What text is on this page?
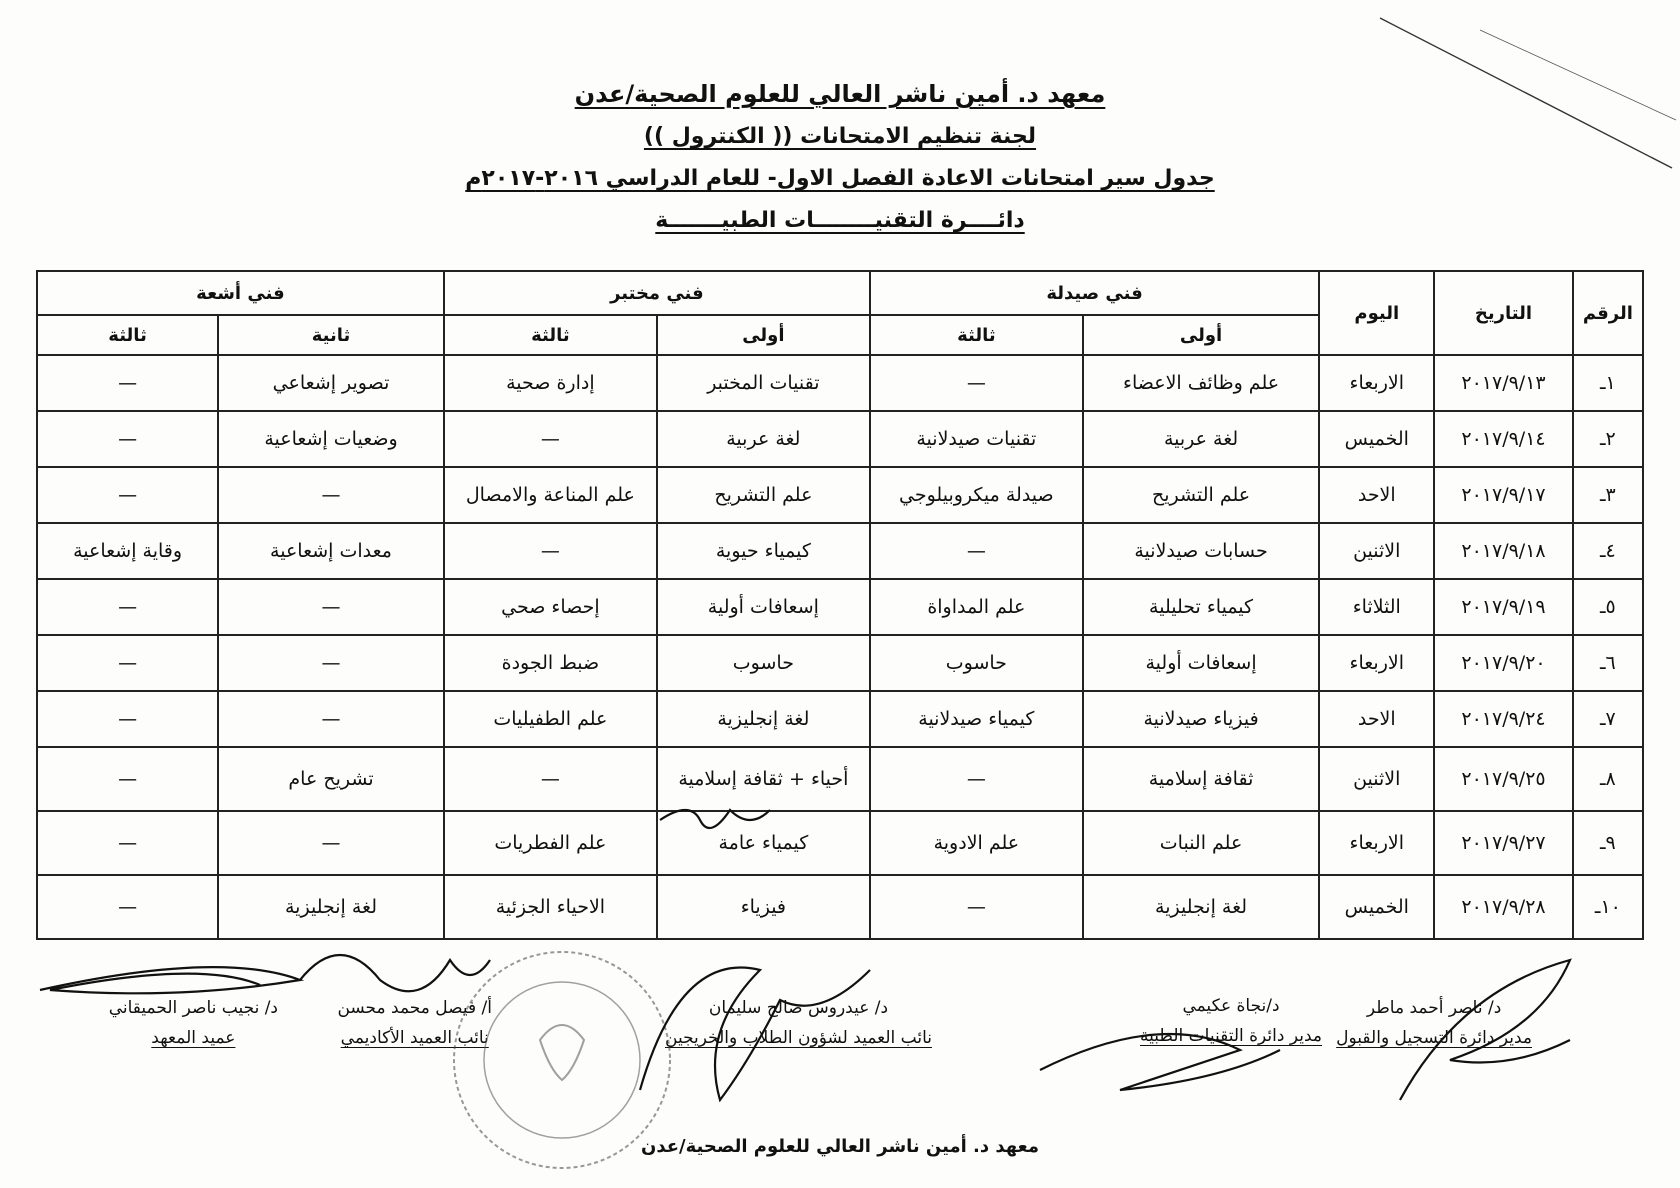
معهد د. أمين ناشر العالي للعلوم الصحية/عدن
لجنة تنظيم الامتحانات (( الكنترول ))
جدول سير امتحانات الاعادة الفصل الاول- للعام الدراسي ٢٠١٦-٢٠١٧م
دائــــرة التقنيــــــــات الطبيـــــــة
الرقم	التاريخ	اليوم	فني صيدلة		فني مختبر		فني أشعة	
			أولى	ثالثة	أولى	ثالثة	ثانية	ثالثة
١ـ	٢٠١٧/٩/١٣	الاربعاء	علم وظائف الاعضاء	—	تقنيات المختبر	إدارة صحية	تصوير إشعاعي	—
٢ـ	٢٠١٧/٩/١٤	الخميس	لغة عربية	تقنيات صيدلانية	لغة عربية	—	وضعيات إشعاعية	—
٣ـ	٢٠١٧/٩/١٧	الاحد	علم التشريح	صيدلة ميكروبيلوجي	علم التشريح	علم المناعة والامصال	—	—
٤ـ	٢٠١٧/٩/١٨	الاثنين	حسابات صيدلانية	—	كيمياء حيوية	—	معدات إشعاعية	وقاية إشعاعية
٥ـ	٢٠١٧/٩/١٩	الثلاثاء	كيمياء تحليلية	علم المداواة	إسعافات أولية	إحصاء صحي	—	—
٦ـ	٢٠١٧/٩/٢٠	الاربعاء	إسعافات أولية	حاسوب	حاسوب	ضبط الجودة	—	—
٧ـ	٢٠١٧/٩/٢٤	الاحد	فيزياء صيدلانية	كيمياء صيدلانية	لغة إنجليزية	علم الطفيليات	—	—
٨ـ	٢٠١٧/٩/٢٥	الاثنين	ثقافة إسلامية	—	أحياء + ثقافة إسلامية	—	تشريح عام	—
٩ـ	٢٠١٧/٩/٢٧	الاربعاء	علم النبات	علم الادوية	كيمياء عامة	علم الفطريات	—	—
١٠ـ	٢٠١٧/٩/٢٨	الخميس	لغة إنجليزية	—	فيزياء	الاحياء الجزئية	لغة إنجليزية	—
د/ ناصر أحمد ماطر
مدير دائرة التسجيل والقبول
د/نجاة عكيمي
مدير دائرة التقنيات الطبية
د/ عيدروس صالح سليمان
نائب العميد لشؤون الطلاب والخريجين
أ/ فيصل محمد محسن
نائب العميد الأكاديمي
د/ نجيب ناصر الحميقاني
عميد المعهد
معهد د. أمين ناشر العالي للعلوم الصحية/عدن
